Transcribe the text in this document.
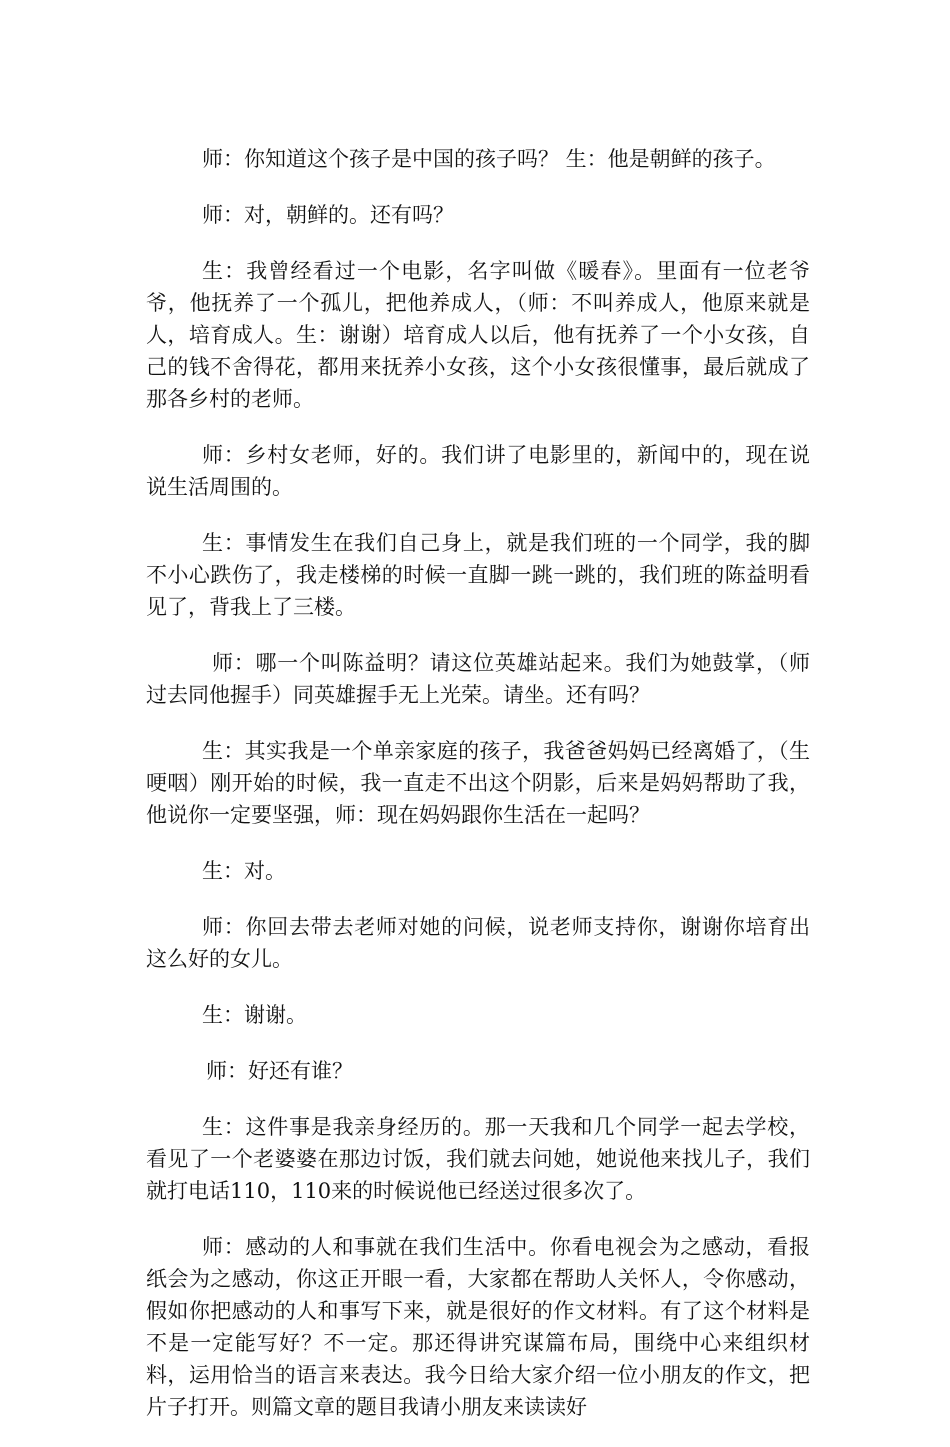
师：你知道这个孩子是中国的孩子吗？ 生：他是朝鲜的孩子。

师：对，朝鲜的。还有吗？

生：我曾经看过一个电影，名字叫做《暖春》。里面有一位老爷爷，他抚养了一个孤儿，把他养成人，（师：不叫养成人，他原来就是人，培育成人。生：谢谢）培育成人以后，他有抚养了一个小女孩，自己的钱不舍得花，都用来抚养小女孩，这个小女孩很懂事，最后就成了那各乡村的老师。

师：乡村女老师，好的。我们讲了电影里的，新闻中的，现在说说生活周围的。

生：事情发生在我们自己身上，就是我们班的一个同学，我的脚不小心跌伤了，我走楼梯的时候一直脚一跳一跳的，我们班的陈益明看见了，背我上了三楼。

师：哪一个叫陈益明？请这位英雄站起来。我们为她鼓掌，（师过去同他握手）同英雄握手无上光荣。请坐。还有吗？

生：其实我是一个单亲家庭的孩子，我爸爸妈妈已经离婚了，（生哽咽）刚开始的时候，我一直走不出这个阴影，后来是妈妈帮助了我，他说你一定要坚强，师：现在妈妈跟你生活在一起吗？

生：对。

师：你回去带去老师对她的问候，说老师支持你，谢谢你培育出这么好的女儿。

生：谢谢。

师：好还有谁？

生：这件事是我亲身经历的。那一天我和几个同学一起去学校，看见了一个老婆婆在那边讨饭，我们就去问她，她说他来找儿子，我们就打电话110，110来的时候说他已经送过很多次了。

师：感动的人和事就在我们生活中。你看电视会为之感动，看报纸会为之感动，你这正开眼一看，大家都在帮助人关怀人，令你感动，假如你把感动的人和事写下来，就是很好的作文材料。有了这个材料是不是一定能写好？不一定。那还得讲究谋篇布局，围绕中心来组织材料，运用恰当的语言来表达。我今日给大家介绍一位小朋友的作文，把片子打开。则篇文章的题目我请小朋友来读读好
